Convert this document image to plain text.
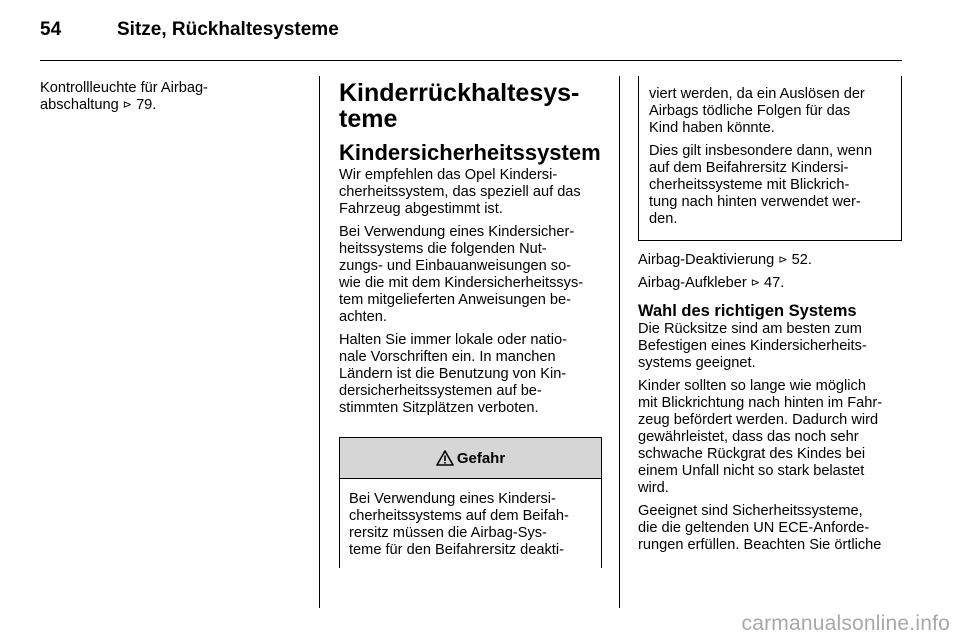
54	Sitze, Rückhaltesysteme
Kontrollleuchte für Airbag-
abschaltung ⊳ 79.	Kinderrückhaltesys-
teme
Kindersicherheitssystem

Wir empfehlen das Opel Kindersi-
cherheitssystem, das speziell auf das
Fahrzeug abgestimmt ist.

Bei Verwendung eines Kindersicher-
heitssystems die folgenden Nut-
zungs- und Einbauanweisungen so-
wie die mit dem Kindersicherheitssys-
tem mitgelieferten Anweisungen be-
achten.

Halten Sie immer lokale oder natio-
nale Vorschriften ein. In manchen
Ländern ist die Benutzung von Kin-
dersicherheitssystemen auf be-
stimmten Sitzplätzen verboten.

Gefahr
Bei Verwendung eines Kindersi-
cherheitssystems auf dem Beifah-
rersitz müssen die Airbag-Sys-
teme für den Beifahrersitz deakti-

viert werden, da ein Auslösen der
Airbags tödliche Folgen für das
Kind haben könnte.

Dies gilt insbesondere dann, wenn
auf dem Beifahrersitz Kindersi-
cherheitssysteme mit Blickrich-
tung nach hinten verwendet wer-
den.

Airbag-Deaktivierung ⊳ 52.

Airbag-Aufkleber ⊳ 47.

Wahl des richtigen Systems

Die Rücksitze sind am besten zum
Befestigen eines Kindersicherheits-
systems geeignet.

Kinder sollten so lange wie möglich
mit Blickrichtung nach hinten im Fahr-
zeug befördert werden. Dadurch wird
gewährleistet, dass das noch sehr
schwache Rückgrat des Kindes bei
einem Unfall nicht so stark belastet
wird.

Geeignet sind Sicherheitssysteme,
die die geltenden UN ECE-Anforde-
rungen erfüllen. Beachten Sie örtliche

carmanualsonline.info
